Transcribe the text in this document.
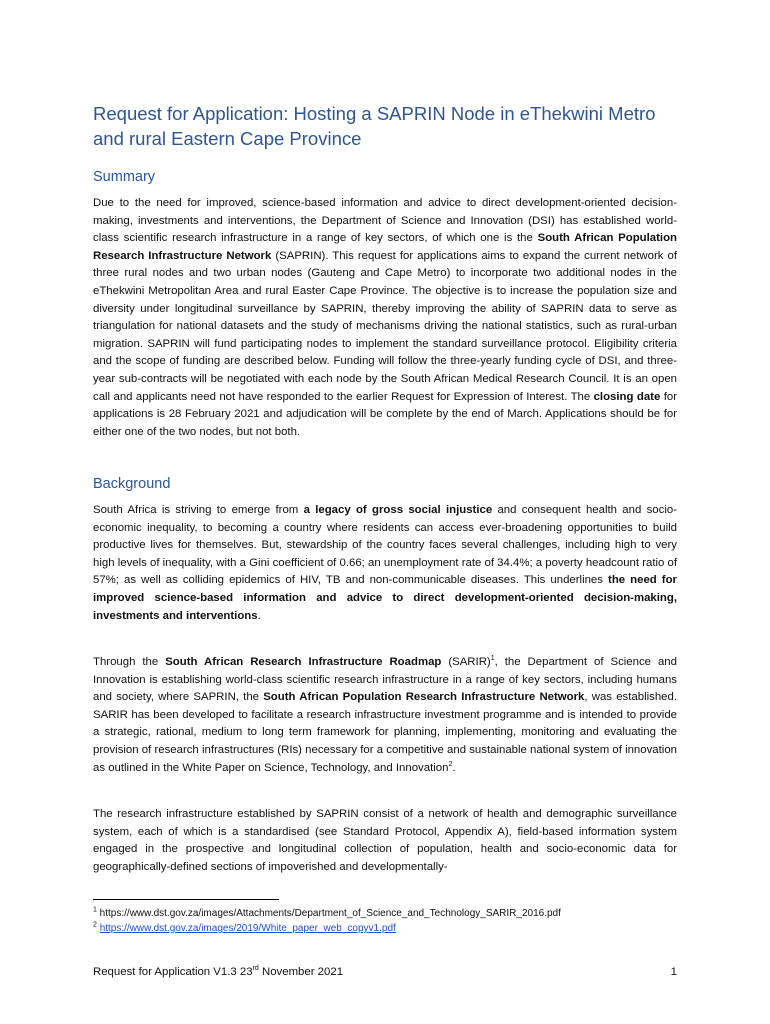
Request for Application: Hosting a SAPRIN Node in eThekwini Metro and rural Eastern Cape Province
Summary

Due to the need for improved, science-based information and advice to direct development-oriented decision-making, investments and interventions, the Department of Science and Innovation (DSI) has established world-class scientific research infrastructure in a range of key sectors, of which one is the South African Population Research Infrastructure Network (SAPRIN). This request for applications aims to expand the current network of three rural nodes and two urban nodes (Gauteng and Cape Metro) to incorporate two additional nodes in the eThekwini Metropolitan Area and rural Easter Cape Province. The objective is to increase the population size and diversity under longitudinal surveillance by SAPRIN, thereby improving the ability of SAPRIN data to serve as triangulation for national datasets and the study of mechanisms driving the national statistics, such as rural-urban migration. SAPRIN will fund participating nodes to implement the standard surveillance protocol. Eligibility criteria and the scope of funding are described below. Funding will follow the three-yearly funding cycle of DSI, and three-year sub-contracts will be negotiated with each node by the South African Medical Research Council. It is an open call and applicants need not have responded to the earlier Request for Expression of Interest. The closing date for applications is 28 February 2021 and adjudication will be complete by the end of March. Applications should be for either one of the two nodes, but not both.

Background

South Africa is striving to emerge from a legacy of gross social injustice and consequent health and socio-economic inequality, to becoming a country where residents can access ever-broadening opportunities to build productive lives for themselves. But, stewardship of the country faces several challenges, including high to very high levels of inequality, with a Gini coefficient of 0.66; an unemployment rate of 34.4%; a poverty headcount ratio of 57%; as well as colliding epidemics of HIV, TB and non-communicable diseases. This underlines the need for improved science-based information and advice to direct development-oriented decision-making, investments and interventions.

Through the South African Research Infrastructure Roadmap (SARIR)$^1$, the Department of Science and Innovation is establishing world-class scientific research infrastructure in a range of key sectors, including humans and society, where SAPRIN, the South African Population Research Infrastructure Network, was established. SARIR has been developed to facilitate a research infrastructure investment programme and is intended to provide a strategic, rational, medium to long term framework for planning, implementing, monitoring and evaluating the provision of research infrastructures (RIs) necessary for a competitive and sustainable national system of innovation as outlined in the White Paper on Science, Technology, and Innovation$^2$.

The research infrastructure established by SAPRIN consist of a network of health and demographic surveillance system, each of which is a standardised (see Standard Protocol, Appendix A), field-based information system engaged in the prospective and longitudinal collection of population, health and socio-economic data for geographically-defined sections of impoverished and developmentally-

$^1$ https://www.dst.gov.za/images/Attachments/Department_of_Science_and_Technology_SARIR_2016.pdf

$^2$ https://www.dst.gov.za/images/2019/White_paper_web_copyv1.pdf

Request for Application V1.3 23rd November 2021	1
